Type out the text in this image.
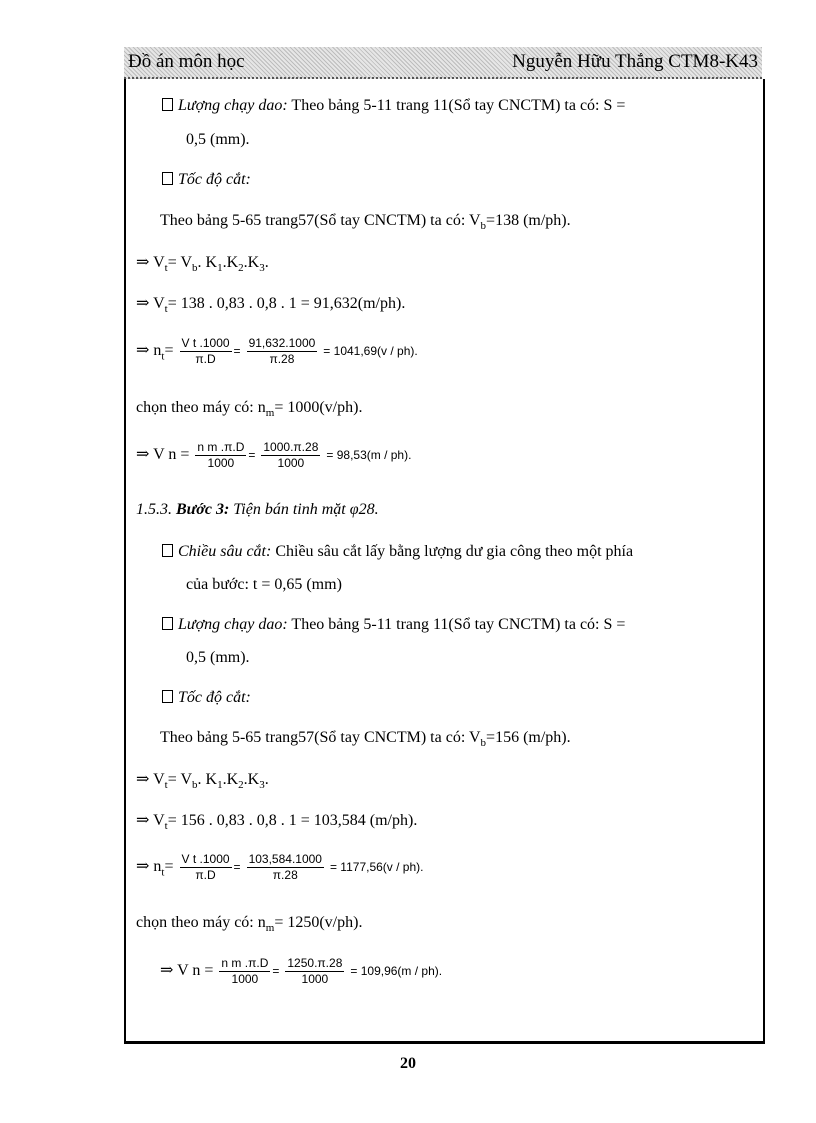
Đồ án môn học	Nguyễn Hữu Thắng CTM8-K43
Lượng chạy dao: Theo bảng 5-11 trang 11(Sổ tay CNCTM) ta có: S =
0,5 (mm).
Tốc độ cắt:
Theo bảng 5-65 trang57(Sổ tay CNCTM) ta có: $V_b=138$ (m/ph).
⇒ $V_t= V_b$. $K_1.K_2.K_3$.
⇒ $V_t= 138$ . 0,83 . 0,8 . 1 = 91,632(m/ph).
⇒ $n_t= \frac{\text{V t .1000}}{\pi.D} = \frac{91,632.1000}{\pi.28} = 1041,69(v / ph)$.
chọn theo máy có: $n_m= 1000(v/ph)$.
⇒ V $n = \frac{\text{n m .π.D}}{1000} = \frac{1000.\pi.28}{1000} = 98,53(m / ph)$.
1.5.3. Bước 3: Tiện bán tinh mặt φ28.
Chiều sâu cắt: Chiều sâu cắt lấy bằng lượng dư gia công theo một phía
của bước: t = 0,65 (mm)
Lượng chạy dao: Theo bảng 5-11 trang 11(Sổ tay CNCTM) ta có: S =
0,5 (mm).
Tốc độ cắt:
Theo bảng 5-65 trang57(Sổ tay CNCTM) ta có: $V_b=156$ (m/ph).
⇒ $V_t= V_b$. $K_1.K_2.K_3$.
⇒ $V_t= 156$ . 0,83 . 0,8 . 1 = 103,584 (m/ph).
⇒ $n_t= \frac{\text{V t .1000}}{\pi.D} = \frac{103,584.1000}{\pi.28} = 1177,56(v / ph)$.
chọn theo máy có: $n_m= 1250(v/ph)$.
⇒ V $n = \frac{\text{n m .π.D}}{1000} = \frac{1250.\pi.28}{1000} = 109,96(m / ph)$.
20
